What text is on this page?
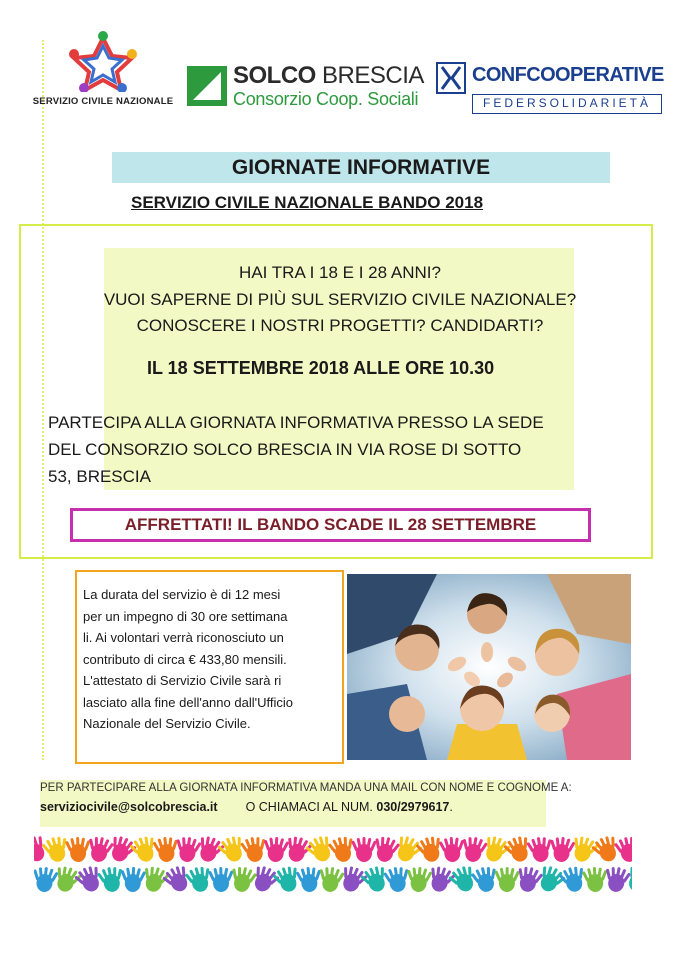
SERVIZIO CIVILE NAZIONALE
SOLCO BRESCIA
Consorzio Coop. Sociali
CONFCOOPERATIVE
FEDERSOLIDARIETÀ
GIORNATE INFORMATIVE
SERVIZIO CIVILE NAZIONALE BANDO 2018
HAI TRA I 18 E I 28 ANNI?
VUOI SAPERNE DI PIÙ SUL SERVIZIO CIVILE NAZIONALE?
CONOSCERE I NOSTRI PROGETTI? CANDIDARTI?
IL 18 SETTEMBRE 2018 ALLE ORE 10.30
PARTECIPA ALLA GIORNATA INFORMATIVA PRESSO LA SEDE
DEL CONSORZIO SOLCO BRESCIA IN VIA ROSE DI SOTTO
53, BRESCIA
AFFRETTATI! IL BANDO SCADE IL 28 SETTEMBRE
La durata del servizio è di 12 mesi
per un impegno di 30 ore settimana
li. Ai volontari verrà riconosciuto un
contributo di circa € 433,80 mensili.
L'attestato di Servizio Civile sarà ri
lasciato alla fine dell'anno dall'Ufficio
Nazionale del Servizio Civile.
PER PARTECIPARE ALLA GIORNATA INFORMATIVA MANDA UNA MAIL CON NOME E COGNOME A:
serviziocivile@solcobrescia.it O CHIAMACI AL NUM. 030/2979617.
